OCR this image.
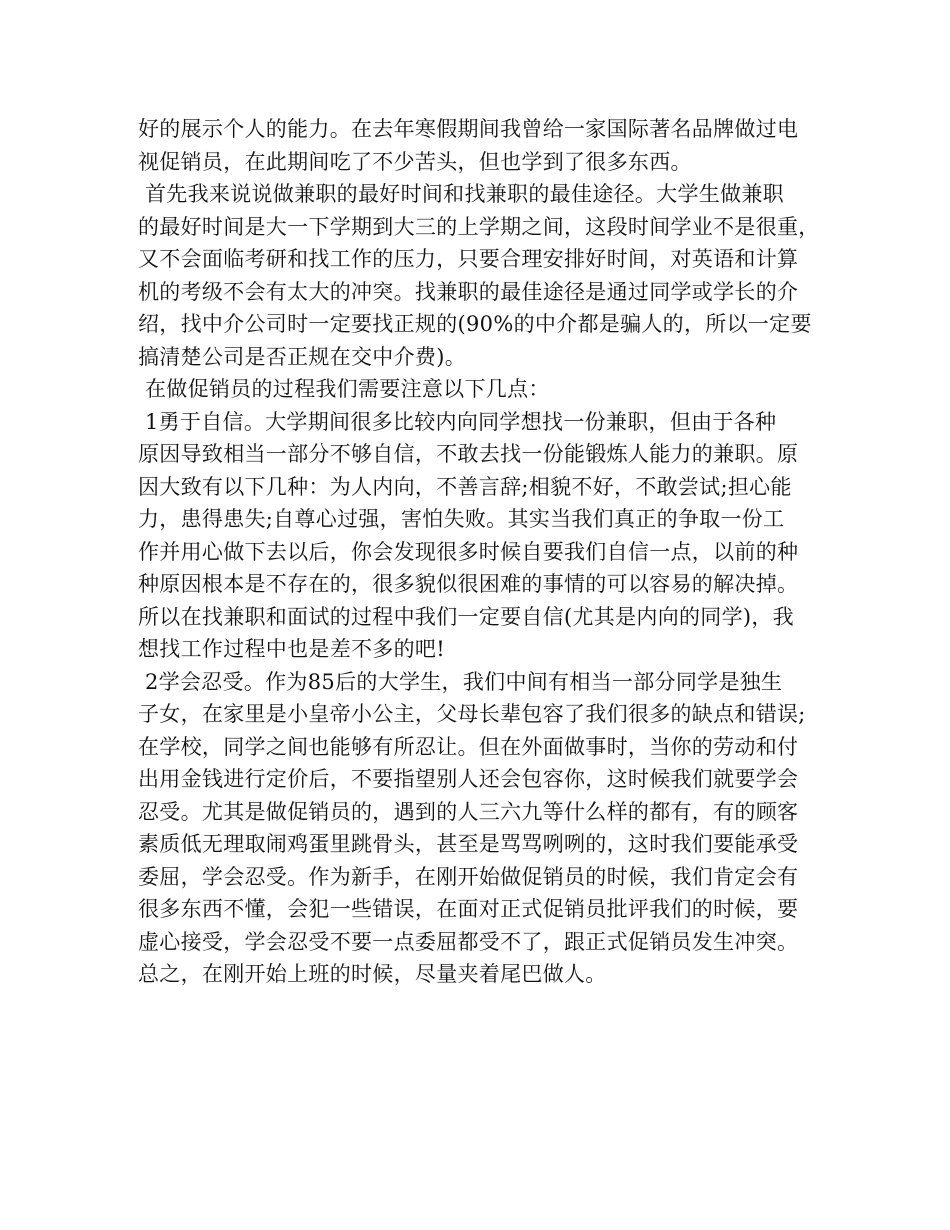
好的展示个人的能力。在去年寒假期间我曾给一家国际著名品牌做过电
视促销员，在此期间吃了不少苦头，但也学到了很多东西。
首先我来说说做兼职的最好时间和找兼职的最佳途径。大学生做兼职
的最好时间是大一下学期到大三的上学期之间，这段时间学业不是很重，
又不会面临考研和找工作的压力，只要合理安排好时间，对英语和计算
机的考级不会有太大的冲突。找兼职的最佳途径是通过同学或学长的介
绍，找中介公司时一定要找正规的(90%的中介都是骗人的，所以一定要
搞清楚公司是否正规在交中介费)。
在做促销员的过程我们需要注意以下几点：
1勇于自信。大学期间很多比较内向同学想找一份兼职，但由于各种
原因导致相当一部分不够自信，不敢去找一份能锻炼人能力的兼职。原
因大致有以下几种：为人内向，不善言辞;相貌不好，不敢尝试;担心能
力，患得患失;自尊心过强，害怕失败。其实当我们真正的争取一份工
作并用心做下去以后，你会发现很多时候自要我们自信一点，以前的种
种原因根本是不存在的，很多貌似很困难的事情的可以容易的解决掉。
所以在找兼职和面试的过程中我们一定要自信(尤其是内向的同学)，我
想找工作过程中也是差不多的吧!
2学会忍受。作为85后的大学生，我们中间有相当一部分同学是独生
子女，在家里是小皇帝小公主，父母长辈包容了我们很多的缺点和错误;
在学校，同学之间也能够有所忍让。但在外面做事时，当你的劳动和付
出用金钱进行定价后，不要指望别人还会包容你，这时候我们就要学会
忍受。尤其是做促销员的，遇到的人三六九等什么样的都有，有的顾客
素质低无理取闹鸡蛋里跳骨头，甚至是骂骂咧咧的，这时我们要能承受
委屈，学会忍受。作为新手，在刚开始做促销员的时候，我们肯定会有
很多东西不懂，会犯一些错误，在面对正式促销员批评我们的时候，要
虚心接受，学会忍受不要一点委屈都受不了，跟正式促销员发生冲突。
总之，在刚开始上班的时候，尽量夹着尾巴做人。
